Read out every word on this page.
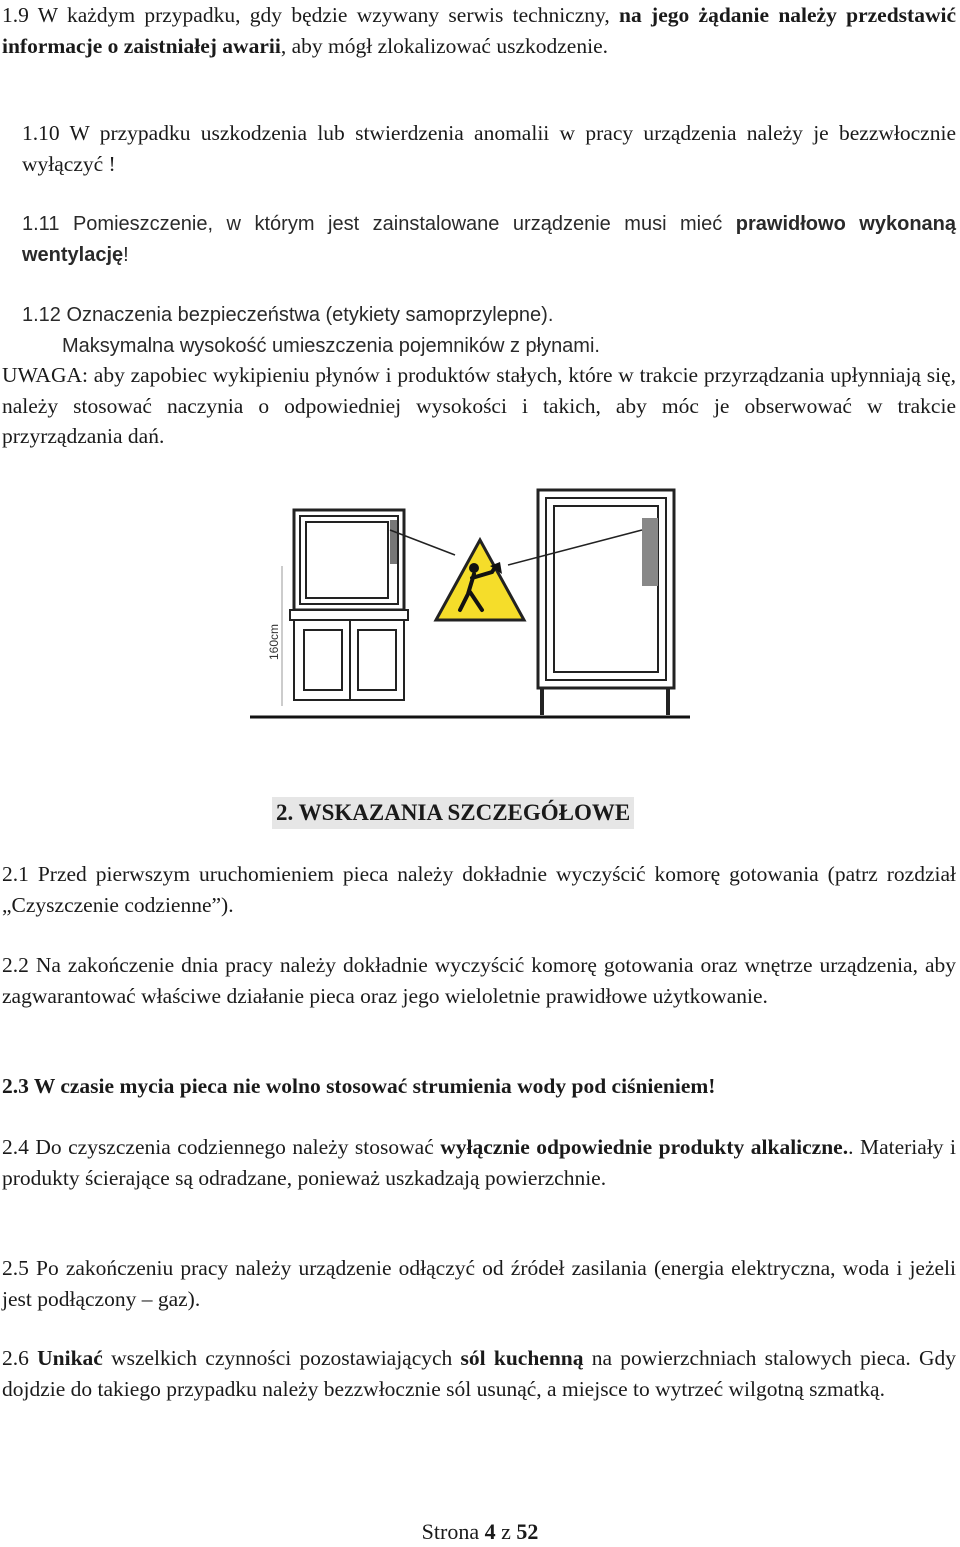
1.9 W każdym przypadku, gdy będzie wzywany serwis techniczny, na jego żądanie należy przedstawić informacje o zaistniałej awarii, aby mógł zlokalizować uszkodzenie.
1.10 W przypadku uszkodzenia lub stwierdzenia anomalii w pracy urządzenia należy je bezzwłocznie wyłączyć !
1.11 Pomieszczenie, w którym jest zainstalowane urządzenie musi mieć prawidłowo wykonaną wentylację!
1.12 Oznaczenia bezpieczeństwa (etykiety samoprzylepne).
Maksymalna wysokość umieszczenia pojemników z płynami.
UWAGA: aby zapobiec wykipieniu płynów i produktów stałych, które w trakcie przyrządzania upłynniają się, należy stosować naczynia o odpowiedniej wysokości i takich, aby móc je obserwować w trakcie przyrządzania dań.
160cm
2. WSKAZANIA SZCZEGÓŁOWE
2.1 Przed pierwszym uruchomieniem pieca należy dokładnie wyczyścić komorę gotowania (patrz rozdział „Czyszczenie codzienne”).
2.2 Na zakończenie dnia pracy należy dokładnie wyczyścić komorę gotowania oraz wnętrze urządzenia, aby zagwarantować właściwe działanie pieca oraz jego wieloletnie prawidłowe użytkowanie.
2.3 W czasie mycia pieca nie wolno stosować strumienia wody pod ciśnieniem!
2.4 Do czyszczenia codziennego należy stosować wyłącznie odpowiednie produkty alkaliczne.. Materiały i produkty ścierające są odradzane, ponieważ uszkadzają powierzchnie.
2.5 Po zakończeniu pracy należy urządzenie odłączyć od źródeł zasilania (energia elektryczna, woda i jeżeli jest podłączony – gaz).
2.6 Unikać wszelkich czynności pozostawiających sól kuchenną na powierzchniach stalowych pieca. Gdy dojdzie do takiego przypadku należy bezzwłocznie sól usunąć, a miejsce to wytrzeć wilgotną szmatką.
Strona 4 z 52
